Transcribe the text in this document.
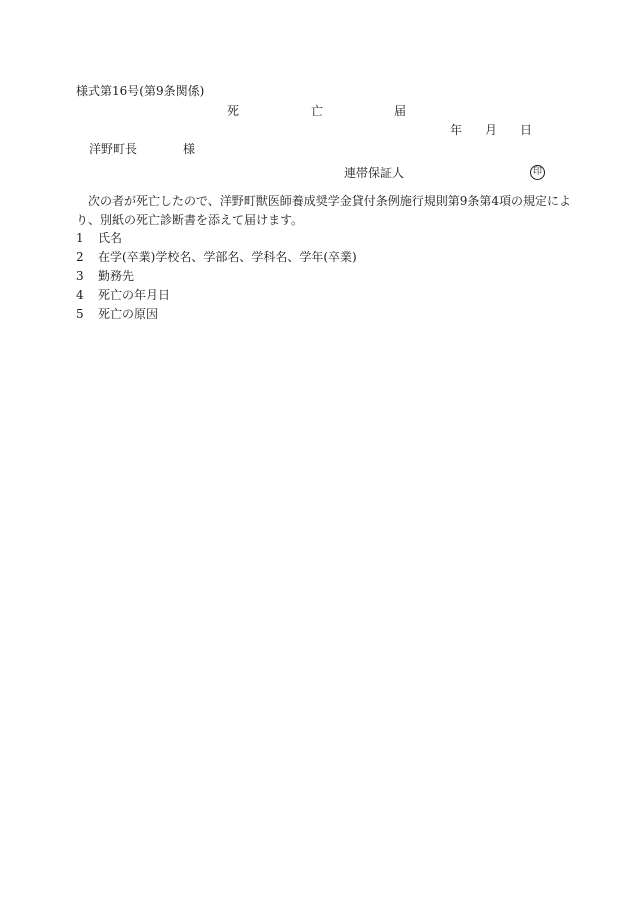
様式第16号(第9条関係)
死	亡	届
年 月 日
洋野町長	様
連帯保証人	印
次の者が死亡したので、洋野町獣医師養成奨学金貸付条例施行規則第9条第4項の規定によ
り、別紙の死亡診断書を添えて届けます。
1 氏名
2 在学(卒業)学校名、学部名、学科名、学年(卒業)
3 勤務先
4 死亡の年月日
5 死亡の原因
